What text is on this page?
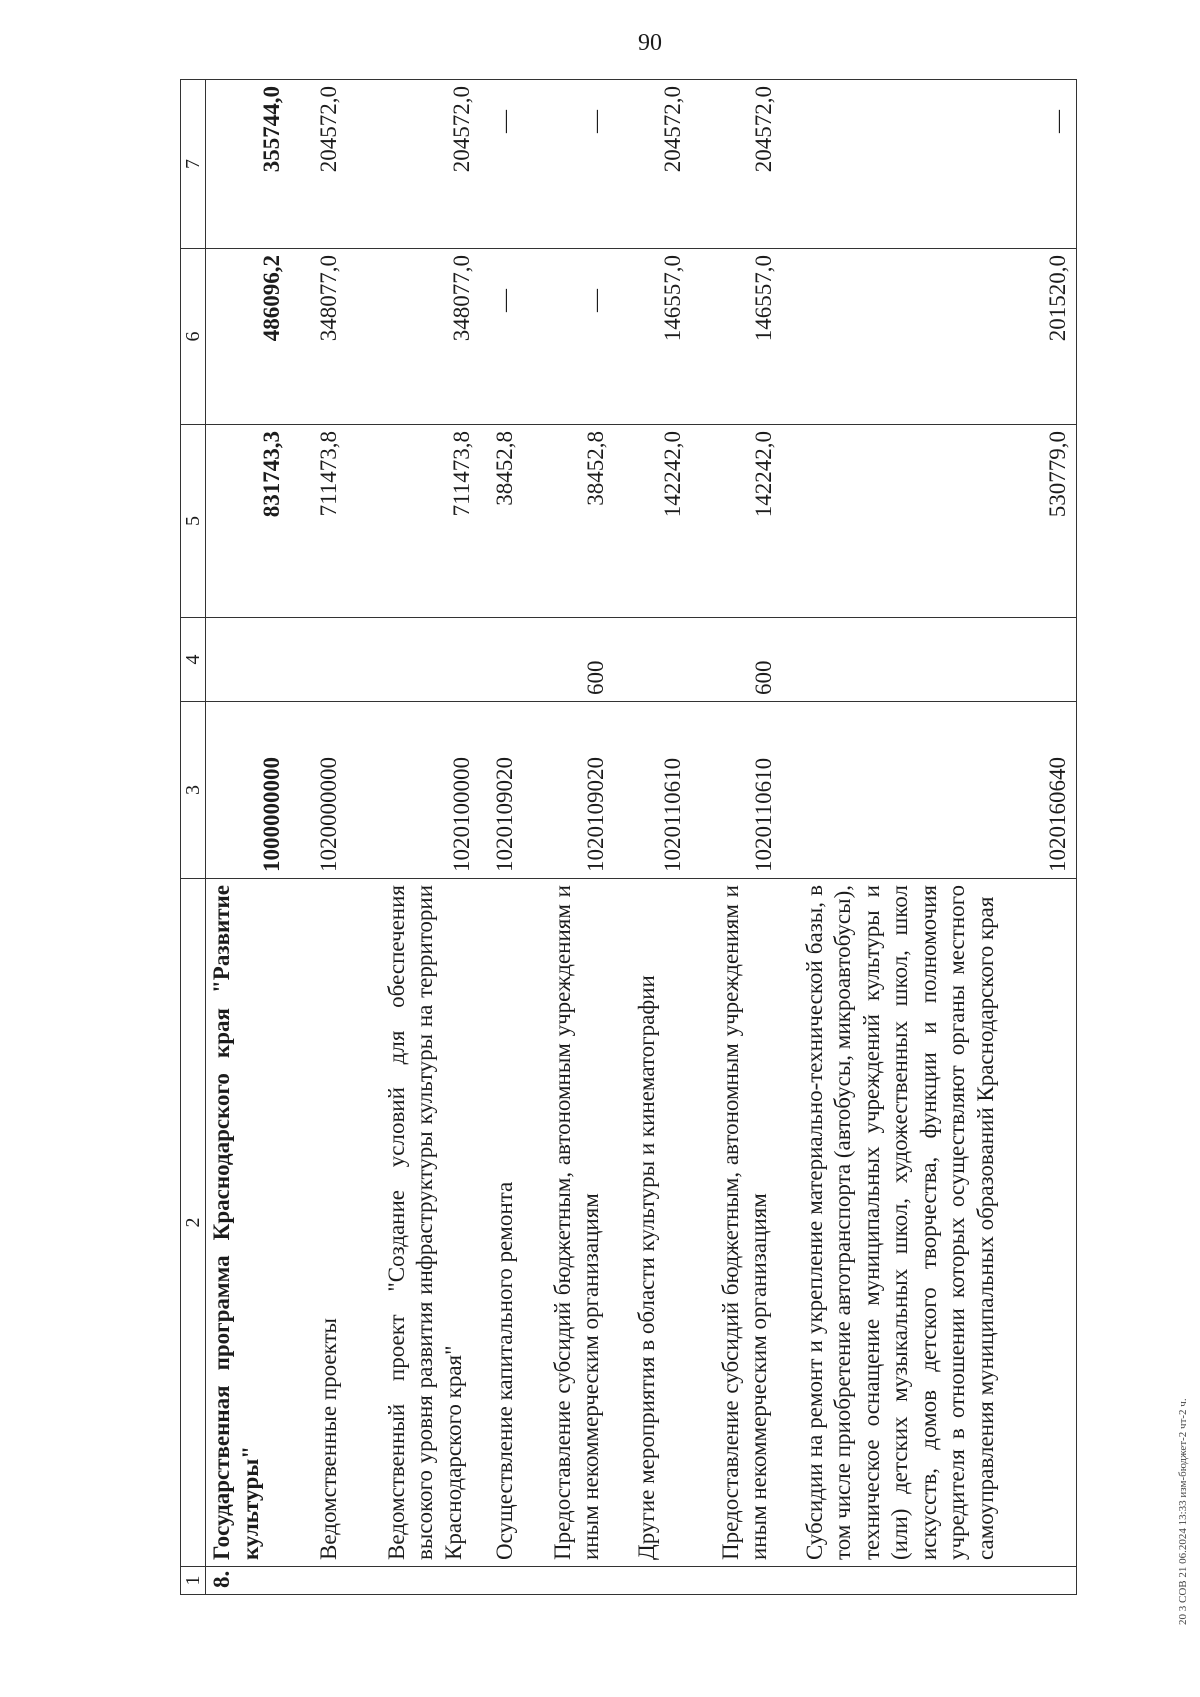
90
1	2	3	4	5	6	7
8.	Государственная программа Краснодарского края "Развитие культуры"	1000000000		831743,3	486096,2	355744,0
	Ведомственные проекты	1020000000		711473,8	348077,0	204572,0
	Ведомственный проект "Создание условий для обеспечения высокого уровня развития инфраструктуры культуры на территории Краснодарского края"	1020100000		711473,8	348077,0	204572,0
	Осуществление капитального ремонта	1020109020		38452,8	—	—
	Предоставление субсидий бюджетным, автономным учреждениям и иным некоммерческим организациям	1020109020	600	38452,8	—	—
	Другие мероприятия в области культуры и кинематографии	1020110610		142242,0	146557,0	204572,0
	Предоставление субсидий бюджетным, автономным учреждениям и иным некоммерческим организациям	1020110610	600	142242,0	146557,0	204572,0
	Субсидии на ремонт и укрепление материально-технической базы, в том числе приобретение автотранспорта (автобусы, микроавтобусы), техническое оснащение муниципальных учреждений культуры и (или) детских музыкальных школ, художественных школ, школ искусств, домов детского творчества, функции и полномочия учредителя в отношении которых осуществляют органы местного самоуправления муниципальных образований Краснодарского края	1020160640		530779,0	201520,0	—
20 3 СОВ 21 06.2024 13:33 изм-бюджет-2 чт-2 ч.
